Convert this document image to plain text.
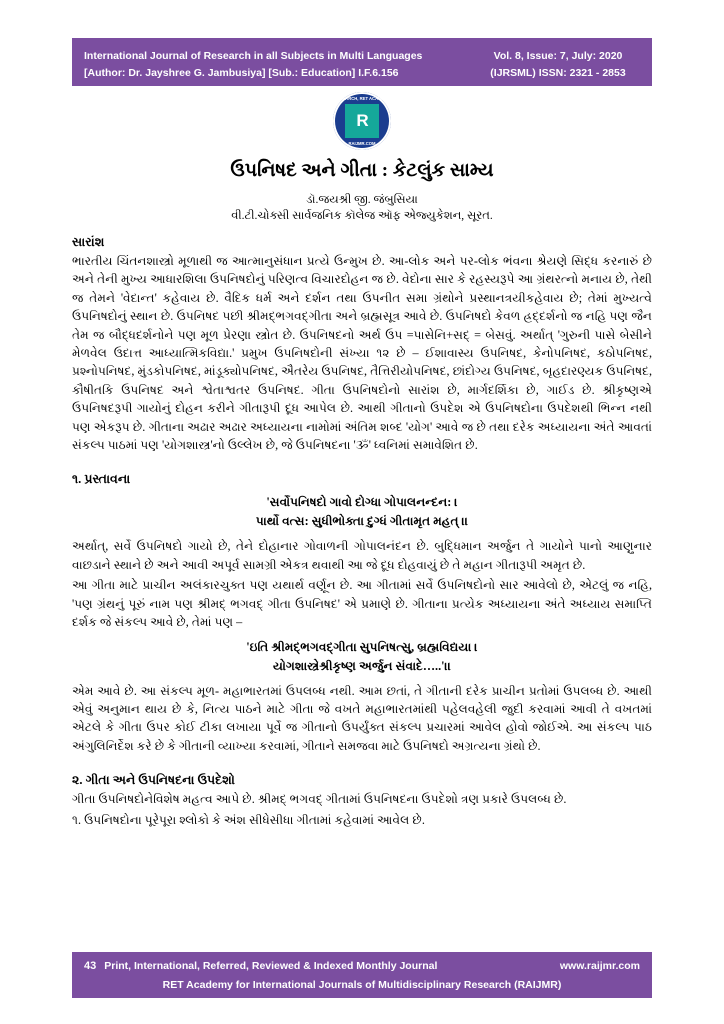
International Journal of Research in all Subjects in Multi Languages
[Author: Dr. Jayshree G. Jambusiya] [Sub.: Education] I.F.6.156
Vol. 8, Issue: 7, July: 2020
(IJRSML) ISSN: 2321 - 2853
RESEARCH, RET ACADEMY
RAIJMR.COM
R
ઉપનિષદ અને ગીતા : કેટલુંક સામ્ય
ડૉ.જયશ્રી જી. જંબુસિયા
વી.ટી.ચોક્સી સાર્વજનિક કૉલેજ ઑફ એજ્યુકેશન, સૂરત.
સારાંશ

ભારતીય ચિંતનશાસ્ત્રો મૂળાથી જ આત્માનુસંધાન પ્રત્યે ઉન્મુખ છે. આ-લોક અને પર-લોક ભંવના શ્રેયણે સિદ્ધ કરનારું છે અને તેની મુખ્ય આધારશિલા ઉપનિષદોનું પરિણત્વ વિચારદોહન જ છે. વેદોના સાર કે રહસ્યરૂપે આ ગ્રંથરત્નો મનાય છે, તેથી જ તેમને 'વેદાન્ત' કહેવાય છે. વૈદિક ધર્મ અને દર્શન તથા ઉપનીત સમા ગ્રંથોને પ્રસ્થાનત્રયીકહેવાય છે; તેમાં મુખ્યત્વે ઉપનિષદોનું સ્થાન છે. ઉપનિષદ પછી શ્રીમદ્ભગવદ્ગીતા અને બ્રહ્મસૂત્ર આવે છે. ઉપનિષદો કેવળ હ્રદ્દર્શનો જ નહિ પણ જૈન તેમ જ બૌદ્ધદર્શનોને પણ મૂળ પ્રેરણા સ્ત્રોત છે. ઉપનિષદનો અર્થ ઉપ =પાસેનિ+સદ્ = બેસવું. અર્થાત્ 'ગુરુની પાસે બેસીને મેળવેલ ઉદાત્ત આધ્યાત્મિકવિદ્યા.' પ્રમુખ ઉપનિષદોની સંખ્યા ૧૨ છે – ઈશાવાસ્ય ઉપનિષદ, કેનોપનિષદ, કઠોપનિષદ, પ્રશ્નોપનિષદ, મુંડકોપનિષદ, માંડૂક્યોપનિષદ, ઐતરેય ઉપનિષદ, તૈત્તિરીયોપનિષદ, છાંદોગ્ય ઉપનિષદ, બૃહદારણ્યક ઉપનિષદ, કૌષીતકિ ઉપનિષદ અને શ્વેતાશ્વતર ઉપનિષદ. ગીતા ઉપનિષદોનો સારાંશ છે, માર્ગદર્શિકા છે, ગાઈડ છે. શ્રીકૃષ્ણએ ઉપનિષદરૂપી ગાયોનું દોહન કરીને ગીતારૂપી દૂધ આપેલ છે. આથી ગીતાનો ઉપદેશ એ ઉપનિષદોના ઉપદેશથી ભિન્ન નથી પણ એકરૂપ છે. ગીતાના અઢાર અઢાર અધ્યાયના નામોમાં અંતિમ શબ્દ 'યોગ' આવે જ છે તથા દરેક અધ્યાયના અંતે આવતાં સંકલ્પ પાઠમાં પણ 'યોગશાસ્ત્ર'નો ઉલ્લેખ છે, જે ઉપનિષદના 'ૐ' ધ્વનિમાં સમાવેશિત છે.

૧. પ્રસ્તાવના

'સર્વોપનિષદો ગાવો દોગ્ધા ગોપાલનન્દન: ।

પાર્થો વત્સ: સુધીભોક્તા દુગ્ધં ગીતામૃત મહત્ ।।

અર્થાત્, સર્વે ઉપનિષદો ગાયો છે, તેને દોહાનાર ગોવાળની ગોપાલનંદન છે. બુદ્ધિમાન અર્જુન તે ગાયોને પાનો આણુનાર વાછડાને સ્થાને છે અને આવી અપૂર્વ સામગ્રી એકત્ર થવાથી આ જે દૂધ દોહવાયું છે તે મહાન ગીતારૂપી અમૃત છે.

આ ગીતા માટે પ્રાચીન અલંકારચુક્ત પણ યથાર્થ વર્ણૂન છે. આ ગીતામાં સર્વે ઉપનિષદોનો સાર આવેલો છે, એટલું જ નહિ, 'પણ ગ્રંથનું પૂરું નામ પણ શ્રીમદ્ ભગવદ્ ગીતા ઉપનિષદ' એ પ્રમાણે છે. ગીતાના પ્રત્યેક અધ્યાયના અંતે અધ્યાય સમાપ્તિ દર્શક જે સંકલ્પ આવે છે, તેમાં પણ –

'ઇતિ શ્રીમદ્ભગવદ્ગીતા સુપનિષત્સુ, બ્રહ્મવિદ્યયા ।

યોગશાસ્ત્રેશ્રીકૃષ્ણ અર્જુન સંવાદે…..'।।

એમ આવે છે. આ સંકલ્પ મૂળ- મહાભારતમાં ઉપલબ્ધ નથી. આમ છતાં, તે ગીતાની દરેક પ્રાચીન પ્રતોમાં ઉપલબ્ધ છે. આથી એવું અનુમાન થાય છે કે, નિત્ય પાઠને માટે ગીતા જે વખતે મહાભારતમાંથી પહેલવહેલી જુદી કરવામાં આવી તે વખતમાં એટલે કે ગીતા ઉપર કોઈ ટીકા લખાયા પૂર્વે જ ગીતાનો ઉપર્યુંક્ત સંકલ્પ પ્રચારમાં આવેલ હોવો જોઈએ. આ સંકલ્પ પાઠ અંગુલિનિર્દેશ કરે છે કે ગીતાની વ્યાખ્યા કરવામાં, ગીતાને સમજવા માટે ઉપનિષદો અગ્રત્યના ગ્રંથો છે.

૨. ગીતા અને ઉપનિષદના ઉપદેશો

ગીતા ઉપનિષદોનેવિશેષ મહત્વ આપે છે. શ્રીમદ્ ભગવદ્ ગીતામાં ઉપનિષદના ઉપદેશો ત્રણ પ્રકારે ઉપલબ્ધ છે.

૧. ઉપનિષદોના પૂરેપૂરા શ્લોકો કે અંશ સીધેસીધા ગીતામાં કહેવામાં આવેલ છે.

43 Print, International, Referred, Reviewed & Indexed Monthly Journal	www.raijmr.com
RET Academy for International Journals of Multidisciplinary Research (RAIJMR)
